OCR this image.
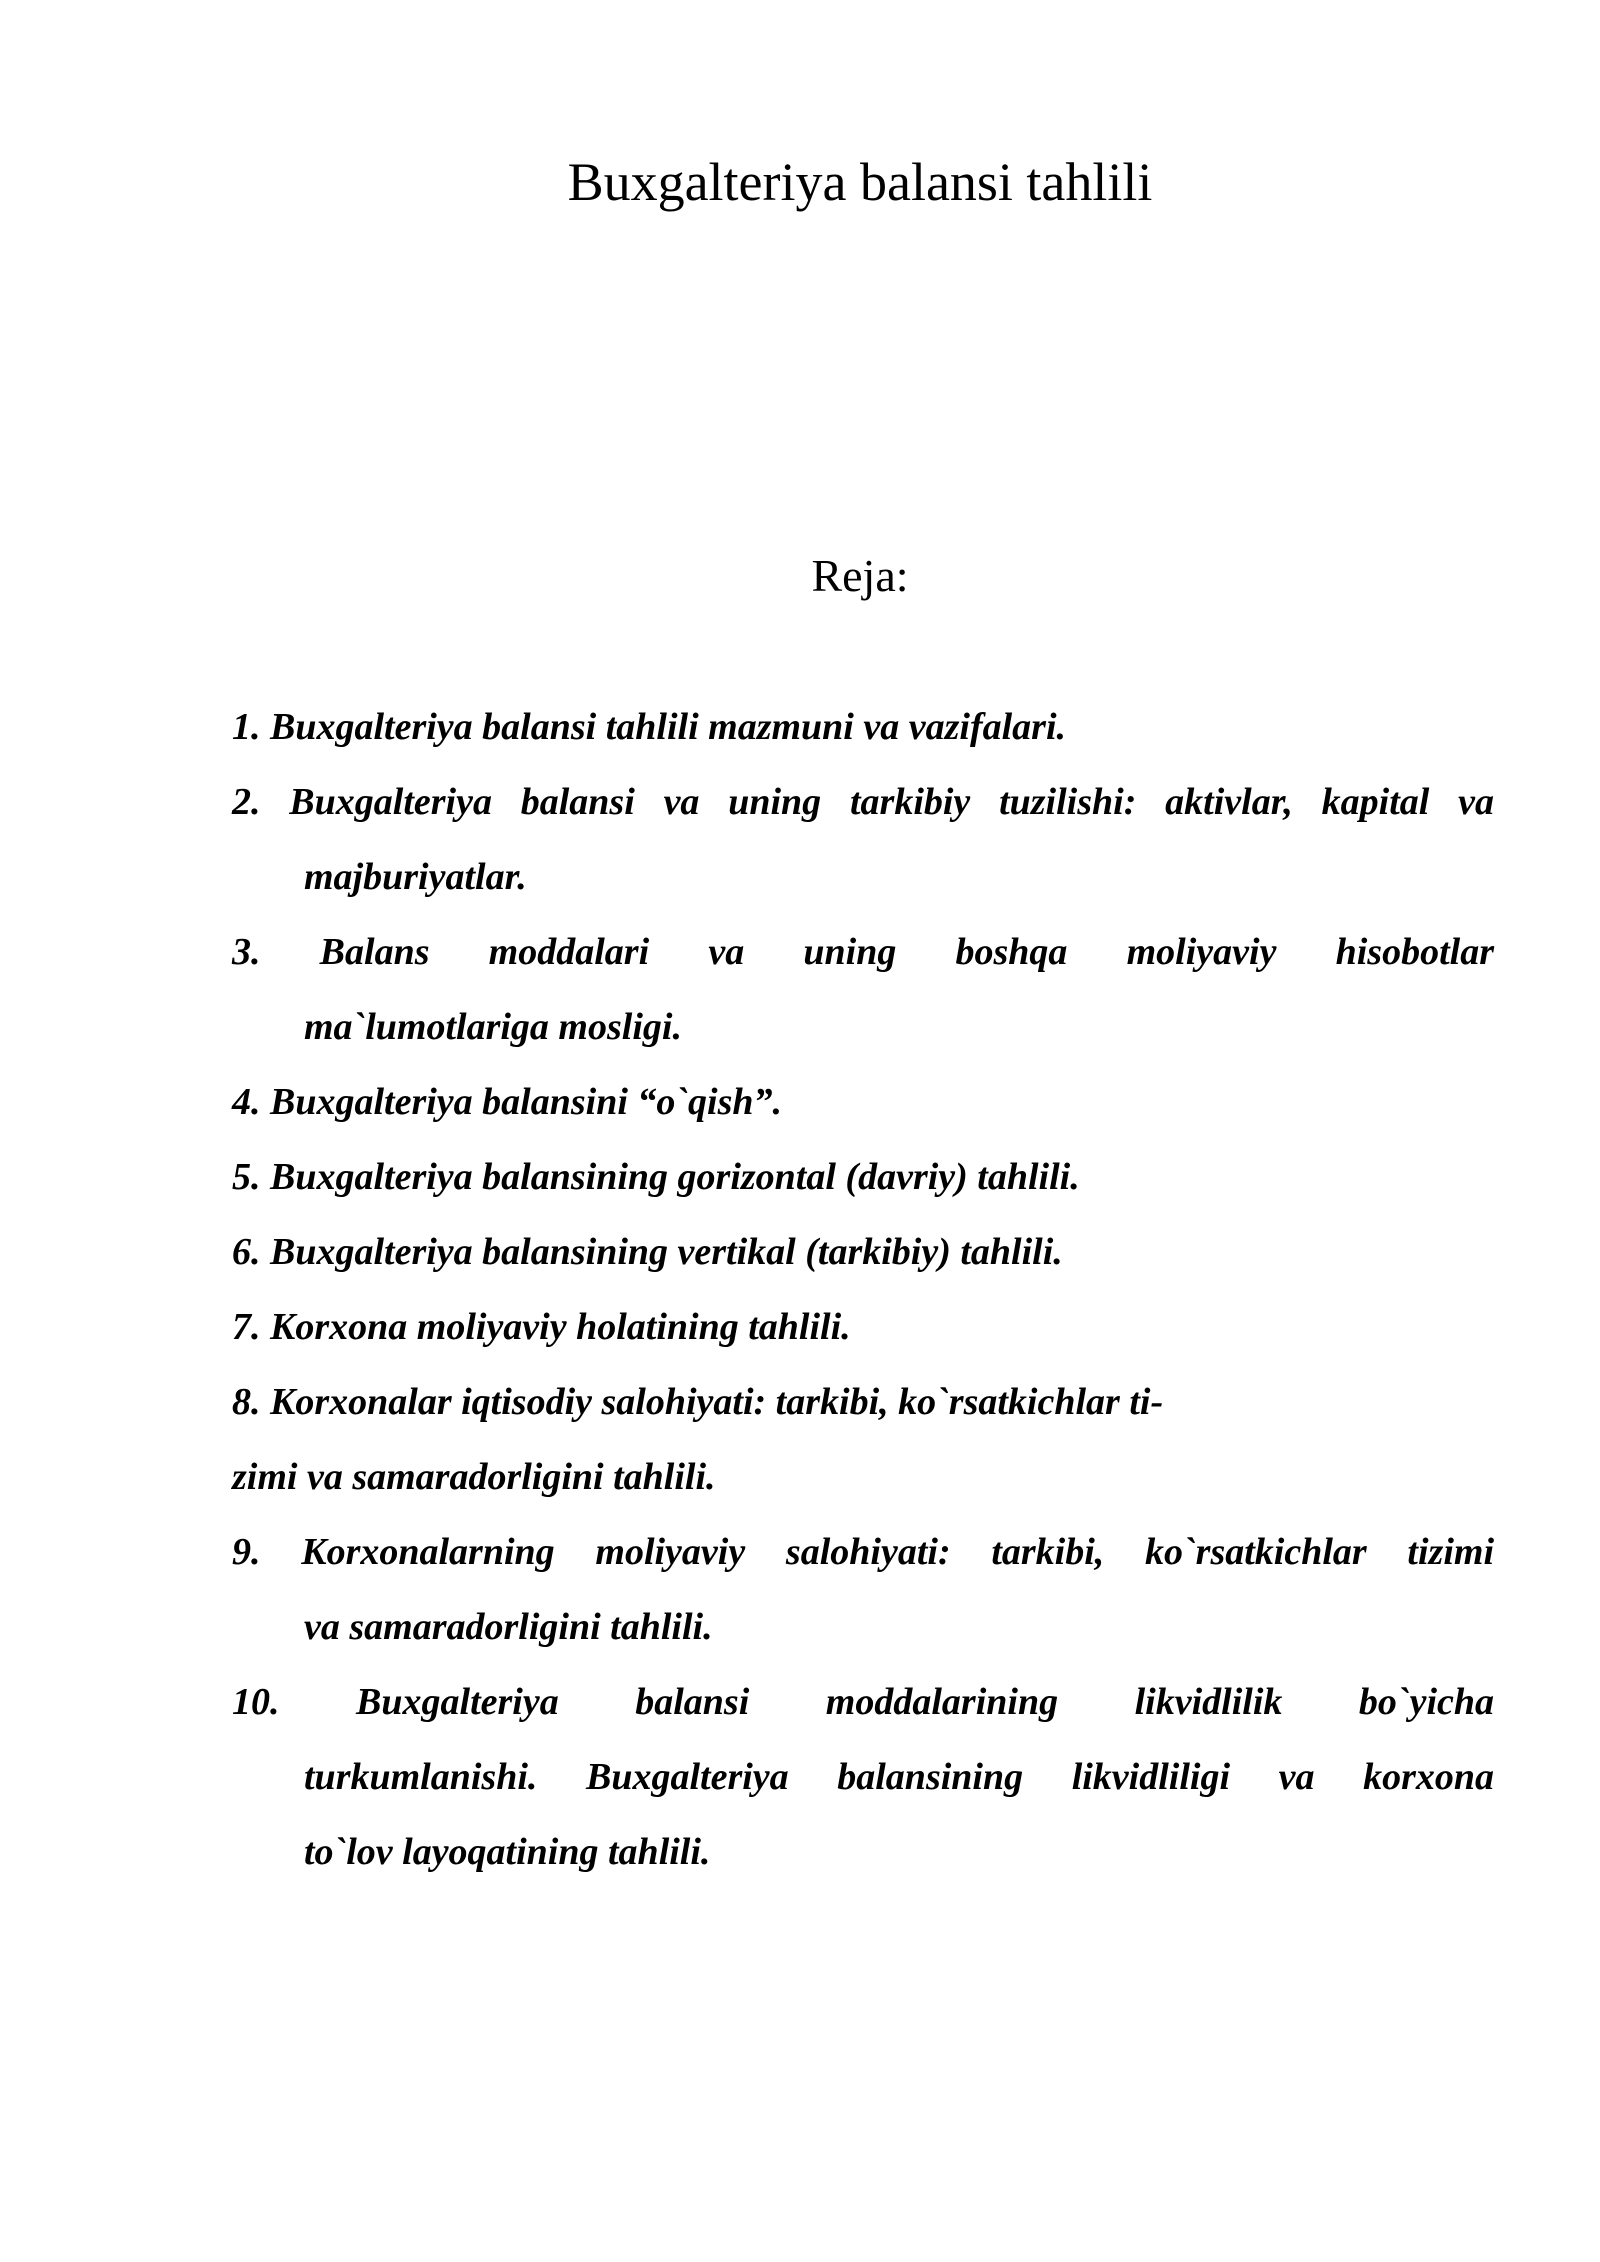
Buxgalteriya balansi tahlili
Reja:
1. Buxgalteriya balansi tahlili mazmuni va vazifalari.
2. Buxgalteriya balansi va uning tarkibiy tuzilishi: aktivlar, kapital va
majburiyatlar.
3. Balans moddalari va uning boshqa moliyaviy hisobotlar
ma`lumotlariga mosligi.
4. Buxgalteriya balansini “o`qish”.
5. Buxgalteriya balansining gorizontal (davriy) tahlili.
6. Buxgalteriya balansining vertikal (tarkibiy) tahlili.
7. Korxona moliyaviy holatining tahlili.
8. Korxonalar iqtisodiy salohiyati: tarkibi, ko`rsatkichlar ti-
zimi va samaradorligini tahlili.
9. Korxonalarning moliyaviy salohiyati: tarkibi, ko`rsatkichlar tizimi
va samaradorligini tahlili.
10. Buxgalteriya balansi moddalarining likvidlilik bo`yicha
turkumlanishi. Buxgalteriya balansining likvidliligi va korxona
to`lov layoqatining tahlili.
